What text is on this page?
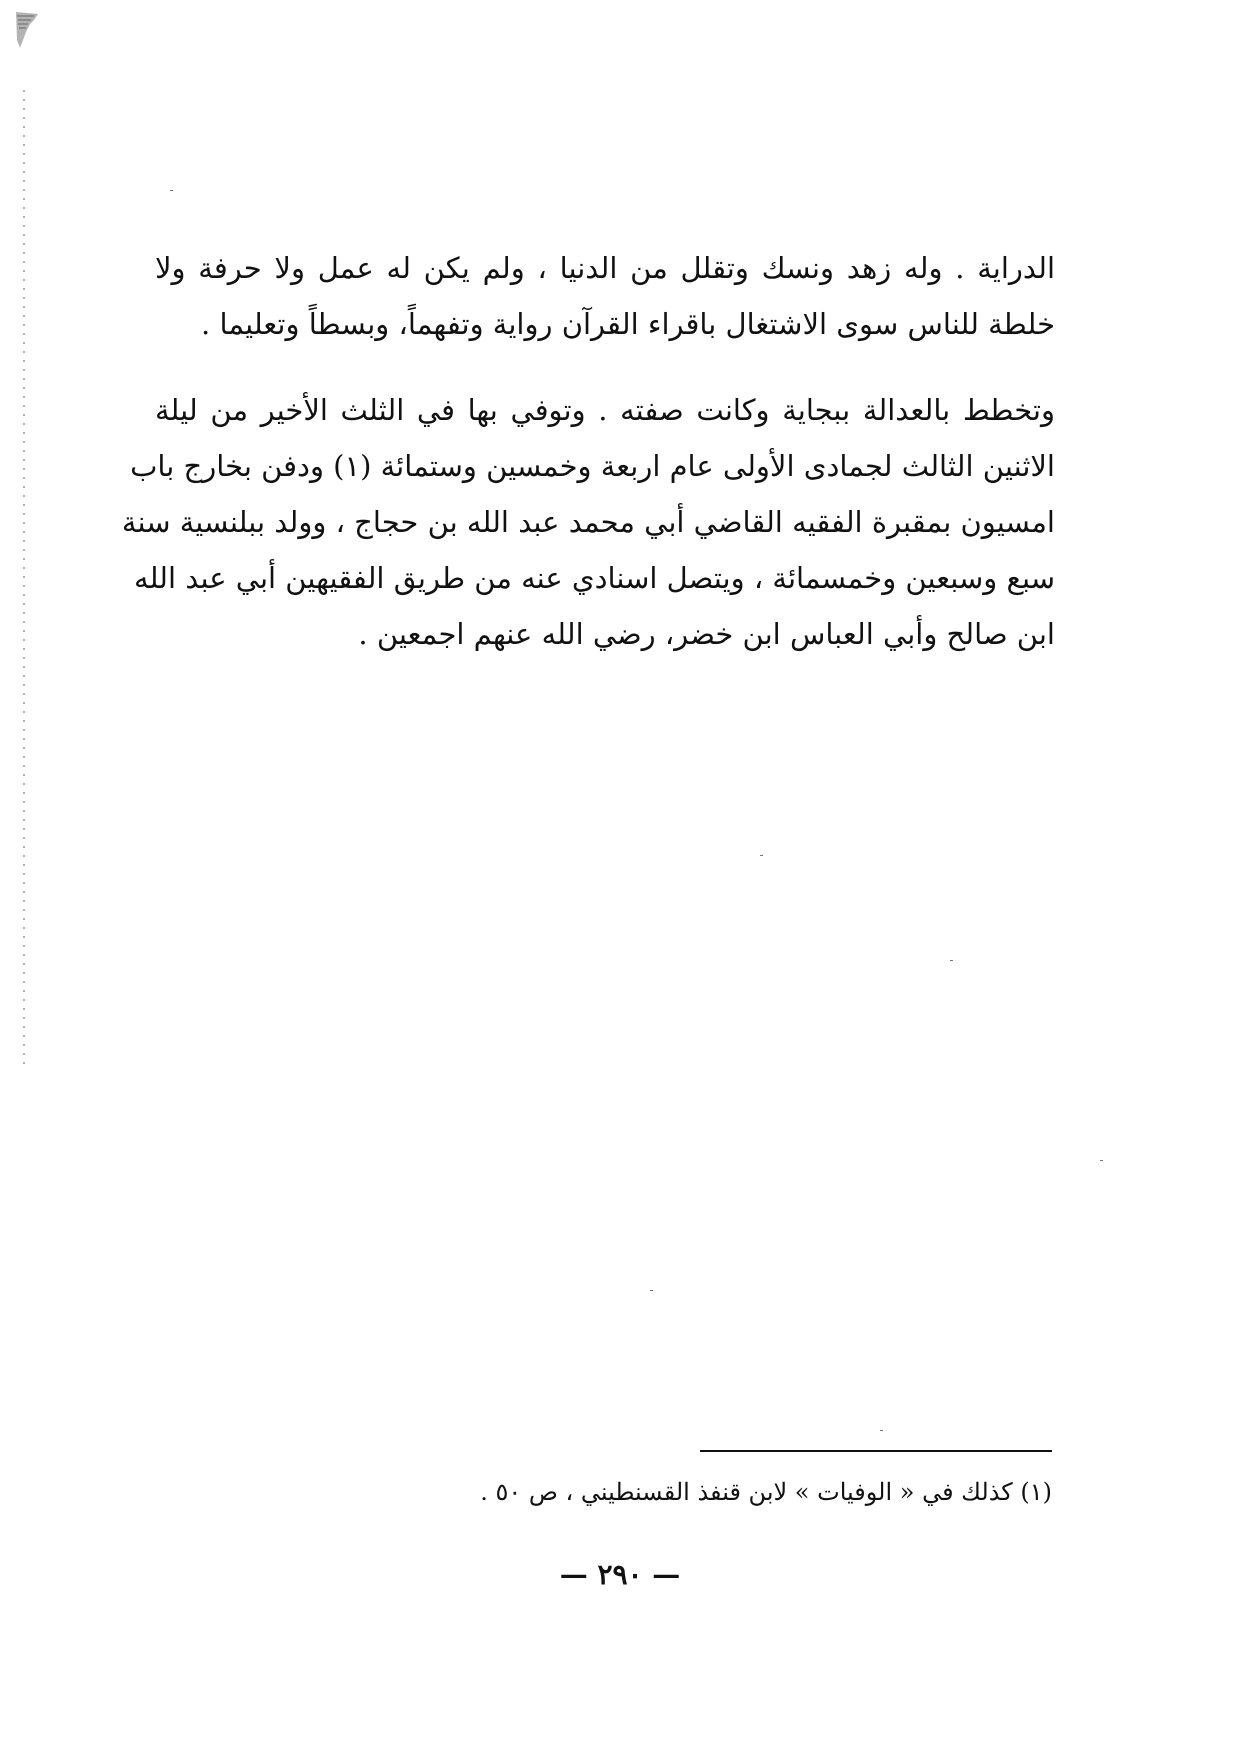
الدراية . وله زهد ونسك وتقلل من الدنيا ، ولم يكن له عمل ولا حرفة ولا
خلطة للناس سوى الاشتغال باقراء القرآن رواية وتفهماً، وبسطاً وتعليما .
وتخطط بالعدالة ببجاية وكانت صفته . وتوفي بها في الثلث الأخير من ليلة
الاثنين الثالث لجمادى الأولى عام اربعة وخمسين وستمائة (١) ودفن بخارج باب
امسيون بمقبرة الفقيه القاضي أبي محمد عبد الله بن حجاج ، وولد ببلنسية سنة
سبع وسبعين وخمسمائة ، ويتصل اسنادي عنه من طريق الفقيهين أبي عبد الله
ابن صالح وأبي العباس ابن خضر، رضي الله عنهم اجمعين .
(١) كذلك في « الوفيات » لابن قنفذ القسنطيني ، ص ٥٠ .
— ٢٩٠ —
